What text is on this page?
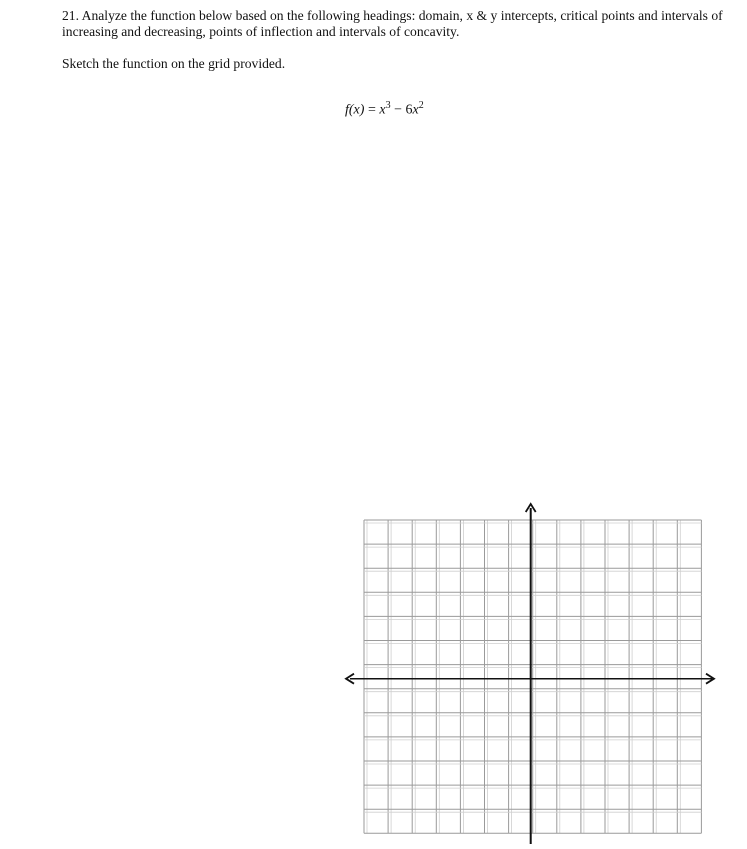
21. Analyze the function below based on the following headings: domain, x & y intercepts, critical points and intervals of increasing and decreasing, points of inflection and intervals of concavity.
Sketch the function on the grid provided.
$f(x) = x^3 - 6x^2$
